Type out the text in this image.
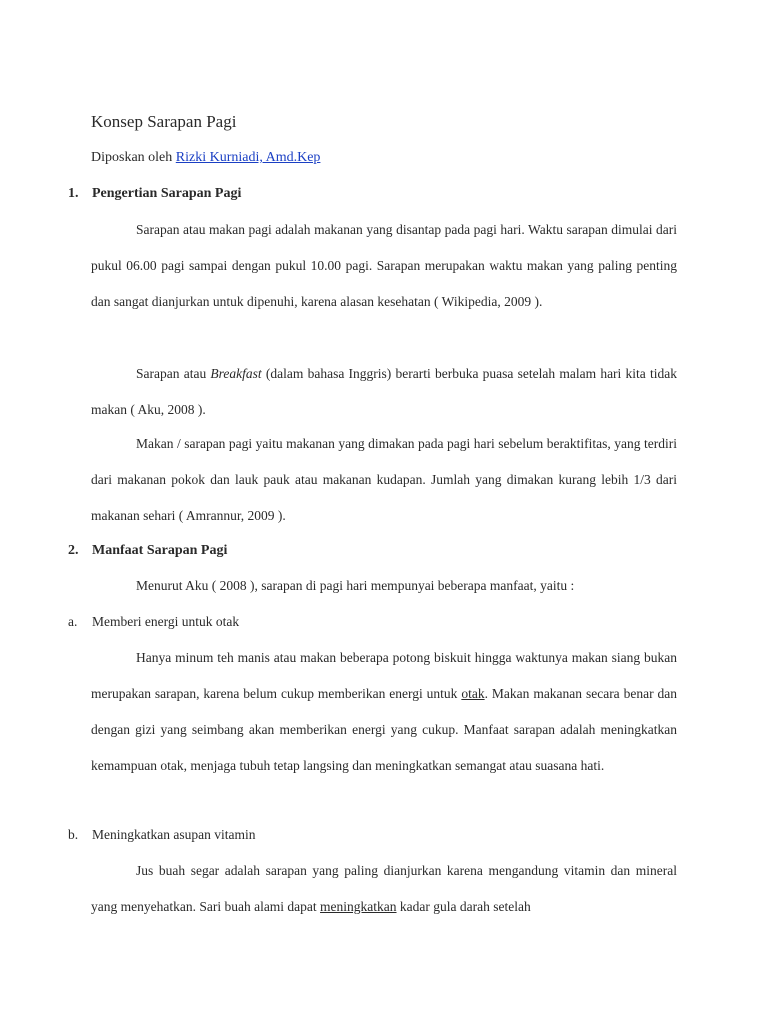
Konsep Sarapan Pagi
Diposkan oleh Rizki Kurniadi, Amd.Kep
1. Pengertian Sarapan Pagi

Sarapan atau makan pagi adalah makanan yang disantap pada pagi hari. Waktu sarapan dimulai dari pukul 06.00 pagi sampai dengan pukul 10.00 pagi. Sarapan merupakan waktu makan yang paling penting dan sangat dianjurkan untuk dipenuhi, karena alasan kesehatan ( Wikipedia, 2009 ).

Sarapan atau Breakfast (dalam bahasa Inggris) berarti berbuka puasa setelah malam hari kita tidak makan ( Aku, 2008 ).

Makan / sarapan pagi yaitu makanan yang dimakan pada pagi hari sebelum beraktifitas, yang terdiri dari makanan pokok dan lauk pauk atau makanan kudapan. Jumlah yang dimakan kurang lebih 1/3 dari makanan sehari ( Amrannur, 2009 ).

2. Manfaat Sarapan Pagi

Menurut Aku ( 2008 ), sarapan di pagi hari mempunyai beberapa manfaat, yaitu :

a. Memberi energi untuk otak

Hanya minum teh manis atau makan beberapa potong biskuit hingga waktunya makan siang bukan merupakan sarapan, karena belum cukup memberikan energi untuk otak. Makan makanan secara benar dan dengan gizi yang seimbang akan memberikan energi yang cukup. Manfaat sarapan adalah meningkatkan kemampuan otak, menjaga tubuh tetap langsing dan meningkatkan semangat atau suasana hati.

b. Meningkatkan asupan vitamin

Jus buah segar adalah sarapan yang paling dianjurkan karena mengandung vitamin dan mineral yang menyehatkan. Sari buah alami dapat meningkatkan kadar gula darah setelah
